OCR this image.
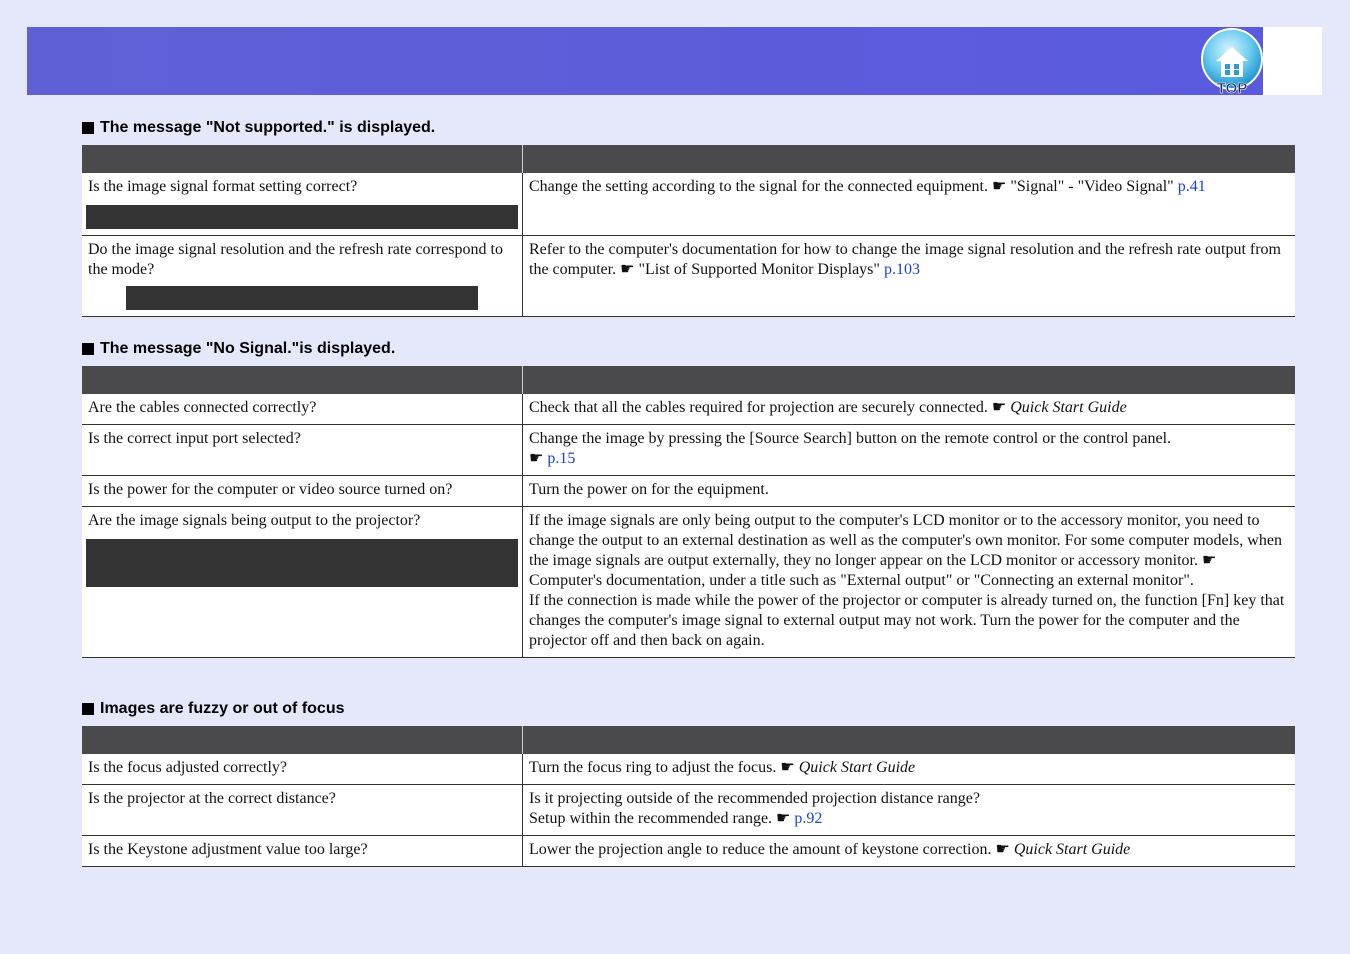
TOP
The message "Not supported." is displayed.

Is the image signal format setting correct?	Change the setting according to the signal for the connected equipment. ☛ "Signal" - "Video Signal" p.41

Do the image signal resolution and the refresh rate correspond to the mode?	Refer to the computer's documentation for how to change the image signal resolution and the refresh rate output from the computer. ☛ "List of Supported Monitor Displays" p.103
The message "No Signal."is displayed.

Are the cables connected correctly?	Check that all the cables required for projection are securely connected. ☛ Quick Start Guide

Is the correct input port selected?	Change the image by pressing the [Source Search] button on the remote control or the control panel.
☛ p.15

Is the power for the computer or video source turned on?	Turn the power on for the equipment.

Are the image signals being output to the projector?	If the image signals are only being output to the computer's LCD monitor or to the accessory monitor, you need to change the output to an external destination as well as the computer's own monitor. For some computer models, when the image signals are output externally, they no longer appear on the LCD monitor or accessory monitor. ☛ Computer's documentation, under a title such as "External output" or "Connecting an external monitor".
If the connection is made while the power of the projector or computer is already turned on, the function [Fn] key that changes the computer's image signal to external output may not work. Turn the power for the computer and the projector off and then back on again.
Images are fuzzy or out of focus

Is the focus adjusted correctly?	Turn the focus ring to adjust the focus. ☛ Quick Start Guide

Is the projector at the correct distance?	Is it projecting outside of the recommended projection distance range?
Setup within the recommended range. ☛ p.92

Is the Keystone adjustment value too large?	Lower the projection angle to reduce the amount of keystone correction. ☛ Quick Start Guide
